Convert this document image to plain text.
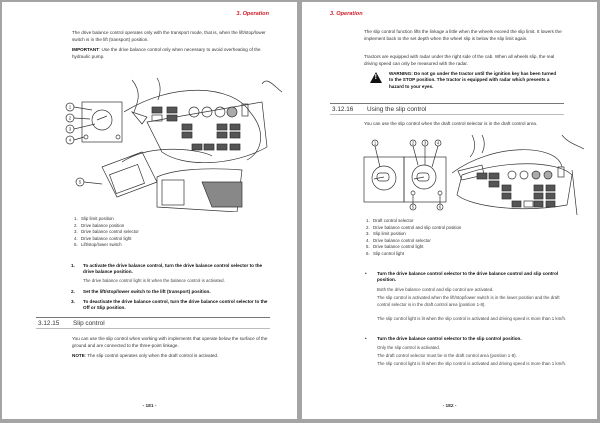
3. Operation
The drive balance control operates only with the transport mode, that is, when the lift/stop/lower switch is in the lift (transport) position.
IMPORTANT: Use the drive balance control only when necessary to avoid overheating of the hydraulic pump.
1
2
3
4
5
1. Slip limit position
2. Drive balance position
3. Drive balance control selector
4. Drive balance control light
5. Lift/stop/lower switch
1. To activate the drive balance control, turn the drive balance control selector to the drive balance position.
The drive balance control light is lit when the balance control is activated.
2. Set the lift/stop/lower switch to the lift (transport) position.
3. To deactivate the drive balance control, turn the drive balance control selector to the Off or Slip position.
3.12.15 Slip control
You can use the slip control when working with implements that operate below the surface of the ground and are connected to the three-point linkage.
NOTE: The slip control operates only when the draft control is activated.
- 181 -
3. Operation
The slip control function lifts the linkage a little when the wheels exceed the slip limit. It lowers the implement back to the set depth when the wheel slip is below the slip limit again.
Tractors are equipped with radar under the right side of the cab. When all wheels slip, the real driving speed can only be measured with the radar.
!
WARNING: Do not go under the tractor until the ignition key has been turned to the STOP position. The tractor is equipped with radar which presents a hazard to your eyes.
3.12.16 Using the slip control
You can use the slip control when the draft control selector is in the draft control area.
1	2 3	4
5	6
1. Draft control selector
2. Drive balance control and slip control position
3. Slip limit position
4. Drive balance control selector
5. Drive balance control light
6. Slip control light
• Turn the drive balance control selector to the drive balance control and slip control position.
Both the drive balance control and slip control are activated.
The slip control is activated when the lift/stop/lower switch is in the lower position and the draft control selector is in the draft control area (position 1-8).
The slip control light is lit when the slip control is activated and driving speed is more than 1 km/h.
• Turn the drive balance control selector to the slip control position.
Only the slip control is activated.
The draft control selector must be in the draft control area (position 1-8).
The slip control light is lit when the slip control is activated and driving speed is more than 1 km/h.
- 182 -
